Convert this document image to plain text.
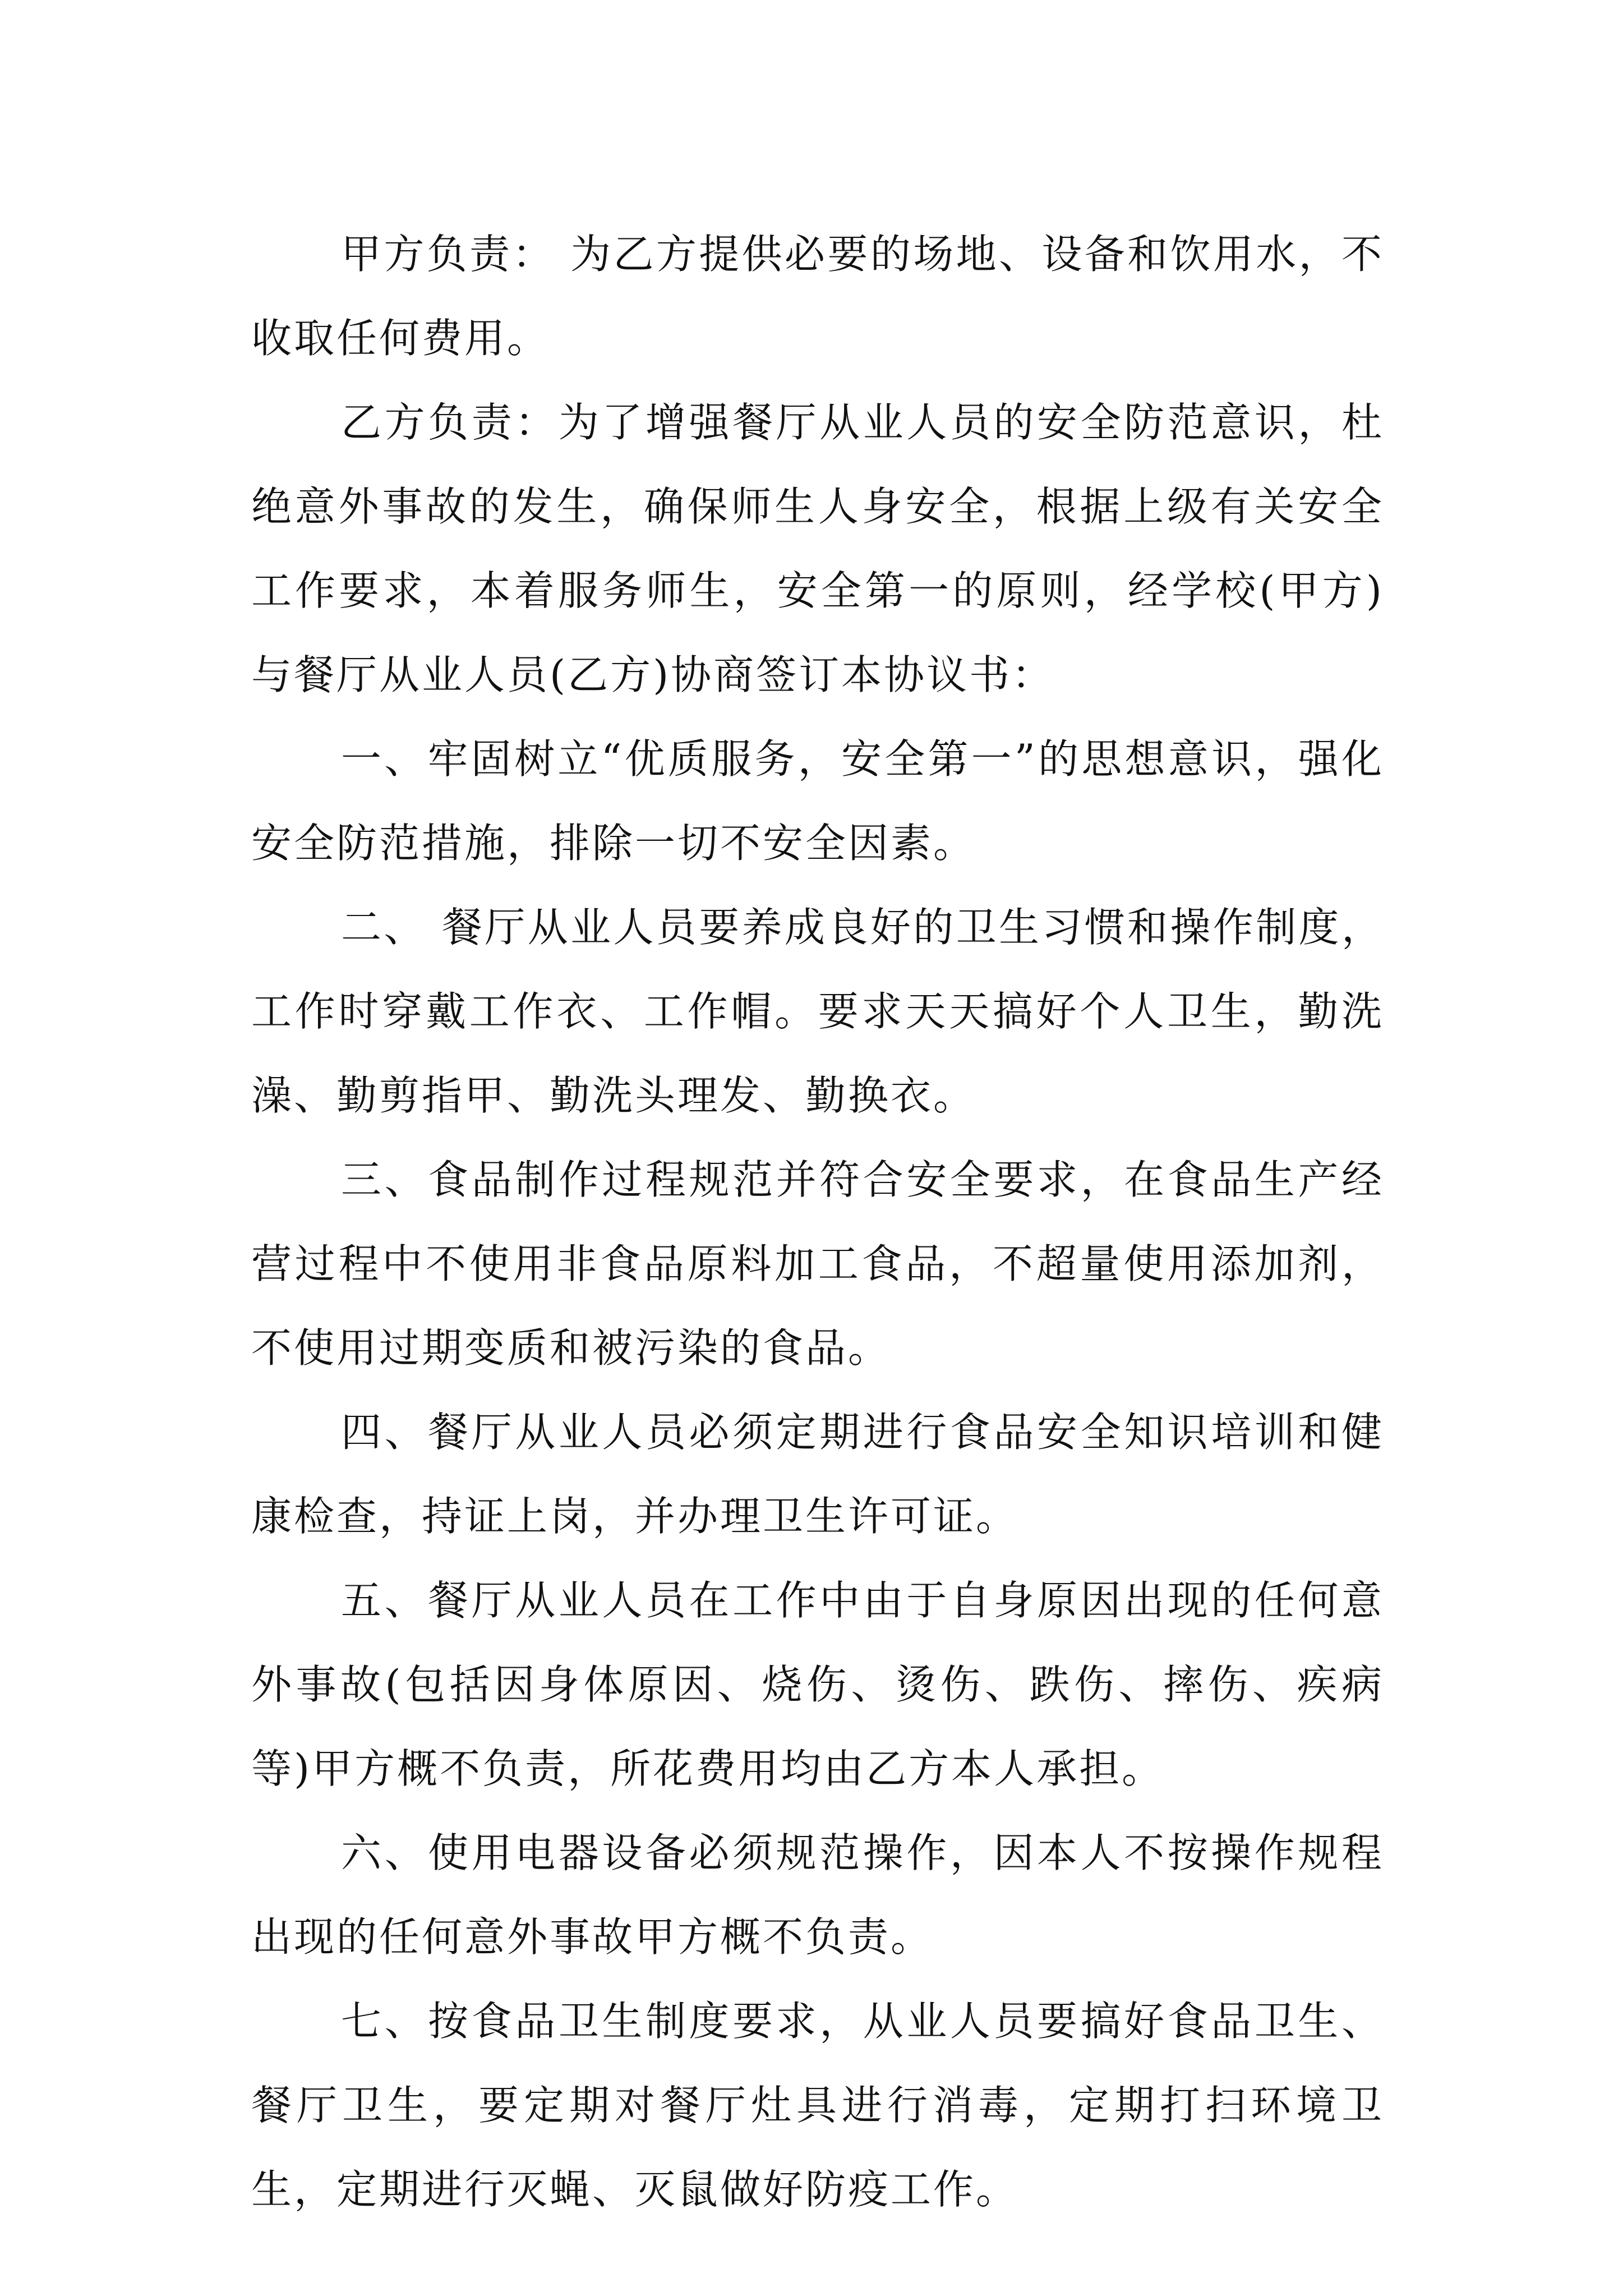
甲方负责： 为乙方提供必要的场地、设备和饮用水，不收取任何费用。

乙方负责：为了增强餐厅从业人员的安全防范意识，杜绝意外事故的发生，确保师生人身安全，根据上级有关安全工作要求，本着服务师生，安全第一的原则，经学校(甲方)与餐厅从业人员(乙方)协商签订本协议书：

一、牢固树立“优质服务，安全第一”的思想意识，强化安全防范措施，排除一切不安全因素。

二、 餐厅从业人员要养成良好的卫生习惯和操作制度，工作时穿戴工作衣、工作帽。要求天天搞好个人卫生，勤洗澡、勤剪指甲、勤洗头理发、勤换衣。

三、食品制作过程规范并符合安全要求，在食品生产经营过程中不使用非食品原料加工食品，不超量使用添加剂，不使用过期变质和被污染的食品。

四、餐厅从业人员必须定期进行食品安全知识培训和健康检查，持证上岗，并办理卫生许可证。

五、餐厅从业人员在工作中由于自身原因出现的任何意外事故(包括因身体原因、烧伤、烫伤、跌伤、摔伤、疾病等)甲方概不负责，所花费用均由乙方本人承担。

六、使用电器设备必须规范操作，因本人不按操作规程出现的任何意外事故甲方概不负责。

七、按食品卫生制度要求，从业人员要搞好食品卫生、餐厅卫生，要定期对餐厅灶具进行消毒，定期打扫环境卫生，定期进行灭蝇、灭鼠做好防疫工作。
